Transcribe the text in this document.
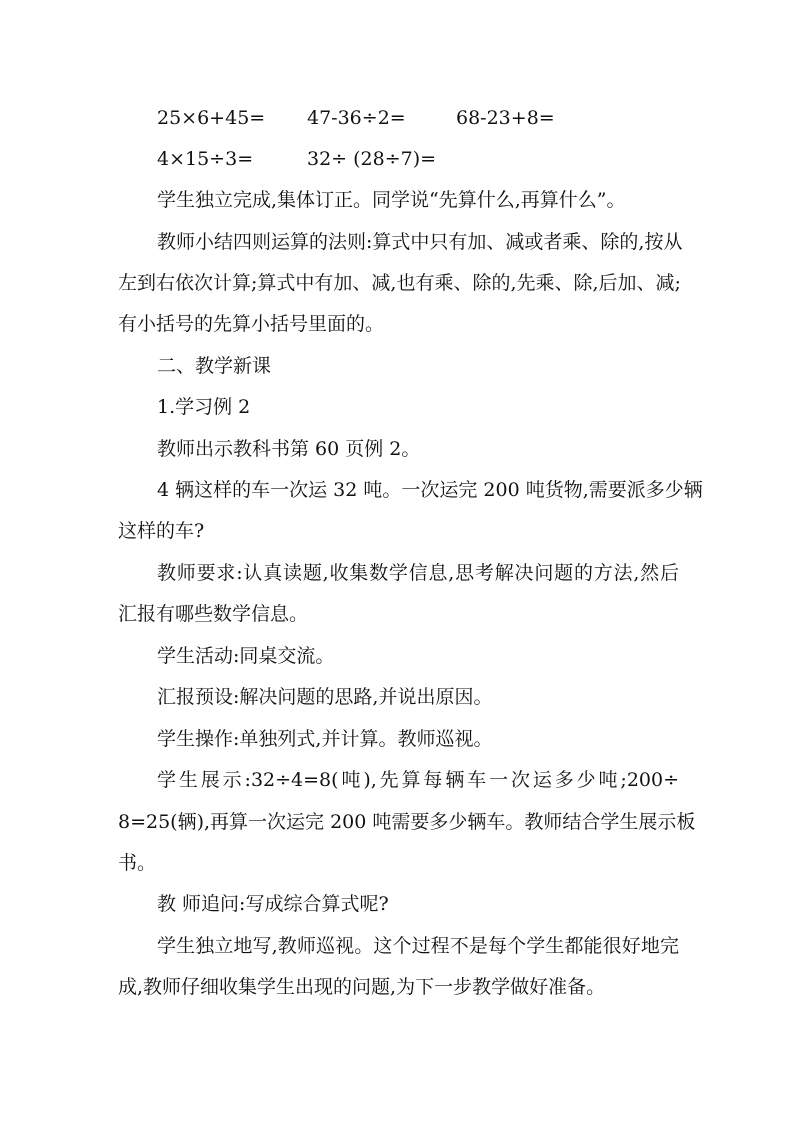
25×6+45= 47-36÷2=	68-23+8=
4×15÷3=	32÷ (28÷7)=
学生独立完成,集体订正。同学说“先算什么,再算什么”。
教师小结四则运算的法则:算式中只有加、减或者乘、除的,按从
左到右依次计算;算式中有加、减,也有乘、除的,先乘、除,后加、减;
有小括号的先算小括号里面的。
二、教学新课
1.学习例 2
教师出示教科书第 60 页例 2。
4 辆这样的车一次运 32 吨。一次运完 200 吨货物,需要派多少辆
这样的车?
教师要求:认真读题,收集数学信息,思考解决问题的方法,然后
汇报有哪些数学信息。
学生活动:同桌交流。
汇报预设:解决问题的思路,并说出原因。
学生操作:单独列式,并计算。教师巡视。
学生展示:32÷4=8(吨),先算每辆车一次运多少吨;200÷
8=25(辆),再算一次运完 200 吨需要多少辆车。教师结合学生展示板
书。
教 师追问:写成综合算式呢?
学生独立地写,教师巡视。这个过程不是每个学生都能很好地完
成,教师仔细收集学生出现的问题,为下一步教学做好准备。
